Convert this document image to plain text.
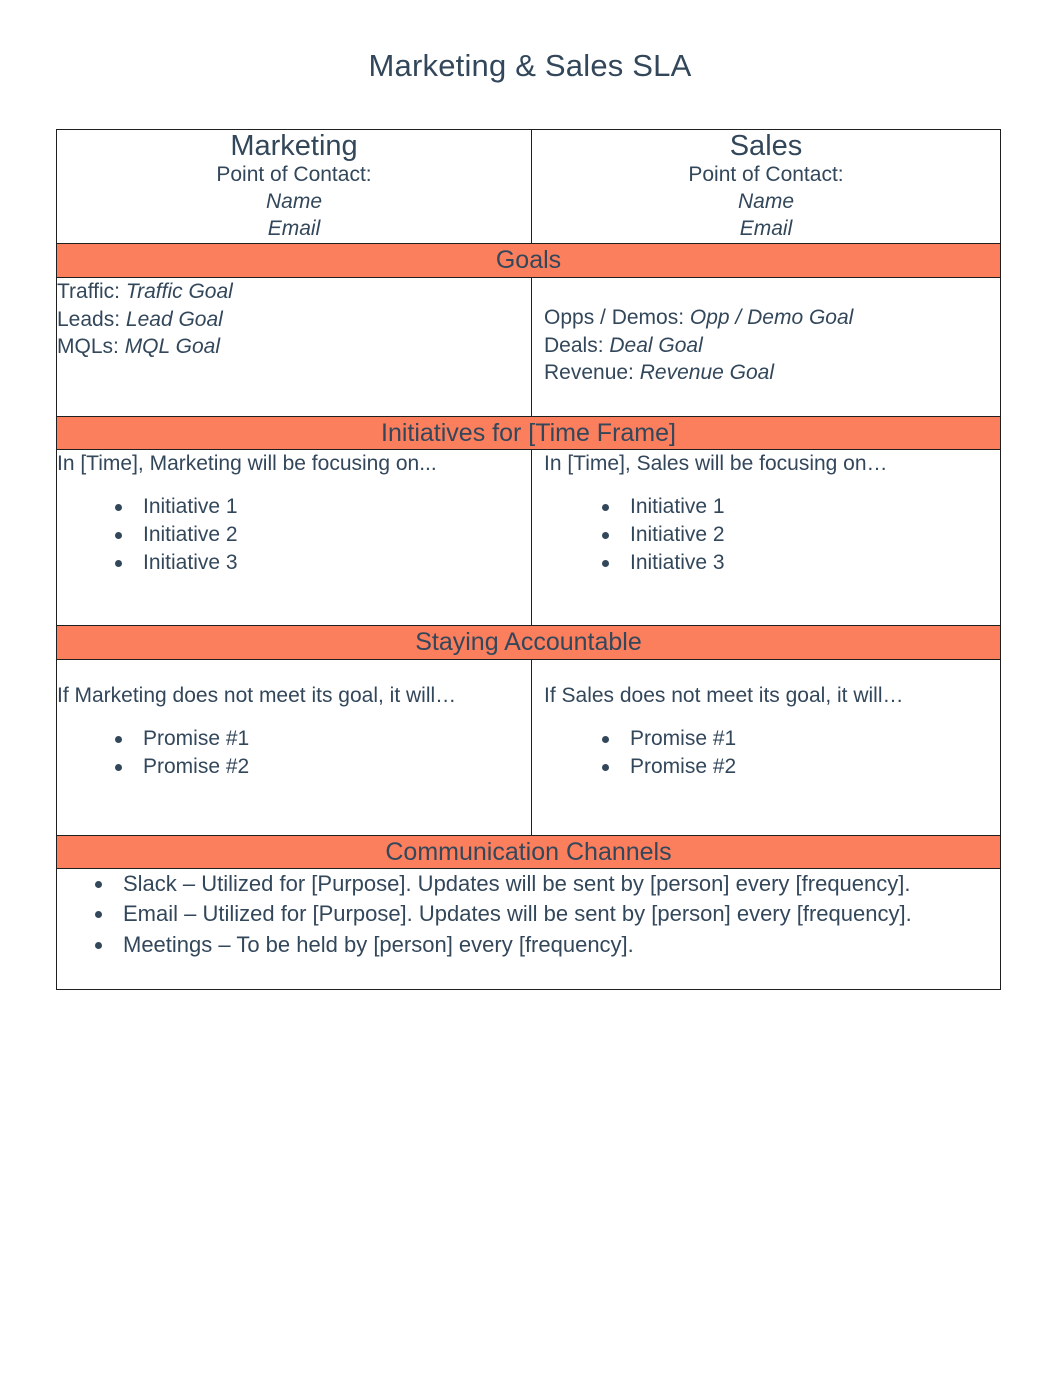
Marketing & Sales SLA
Marketing
Point of Contact:
Name
Email

Sales
Point of Contact:
Name
Email

Goals	

Traffic: Traffic Goal
Leads: Lead Goal
MQLs: MQL Goal

Opps / Demos: Opp / Demo Goal
Deals: Deal Goal
Revenue: Revenue Goal

Initiatives for [Time Frame]	

In [Time], Marketing will be focusing on...
Initiative 1
Initiative 2
Initiative 3

In [Time], Sales will be focusing on…
Initiative 1
Initiative 2
Initiative 3

Staying Accountable	

If Marketing does not meet its goal, it will…
Promise #1
Promise #2

If Sales does not meet its goal, it will…
Promise #1
Promise #2

Communication Channels	

Slack – Utilized for [Purpose]. Updates will be sent by [person] every [frequency].
Email – Utilized for [Purpose]. Updates will be sent by [person] every [frequency].
Meetings – To be held by [person] every [frequency].
